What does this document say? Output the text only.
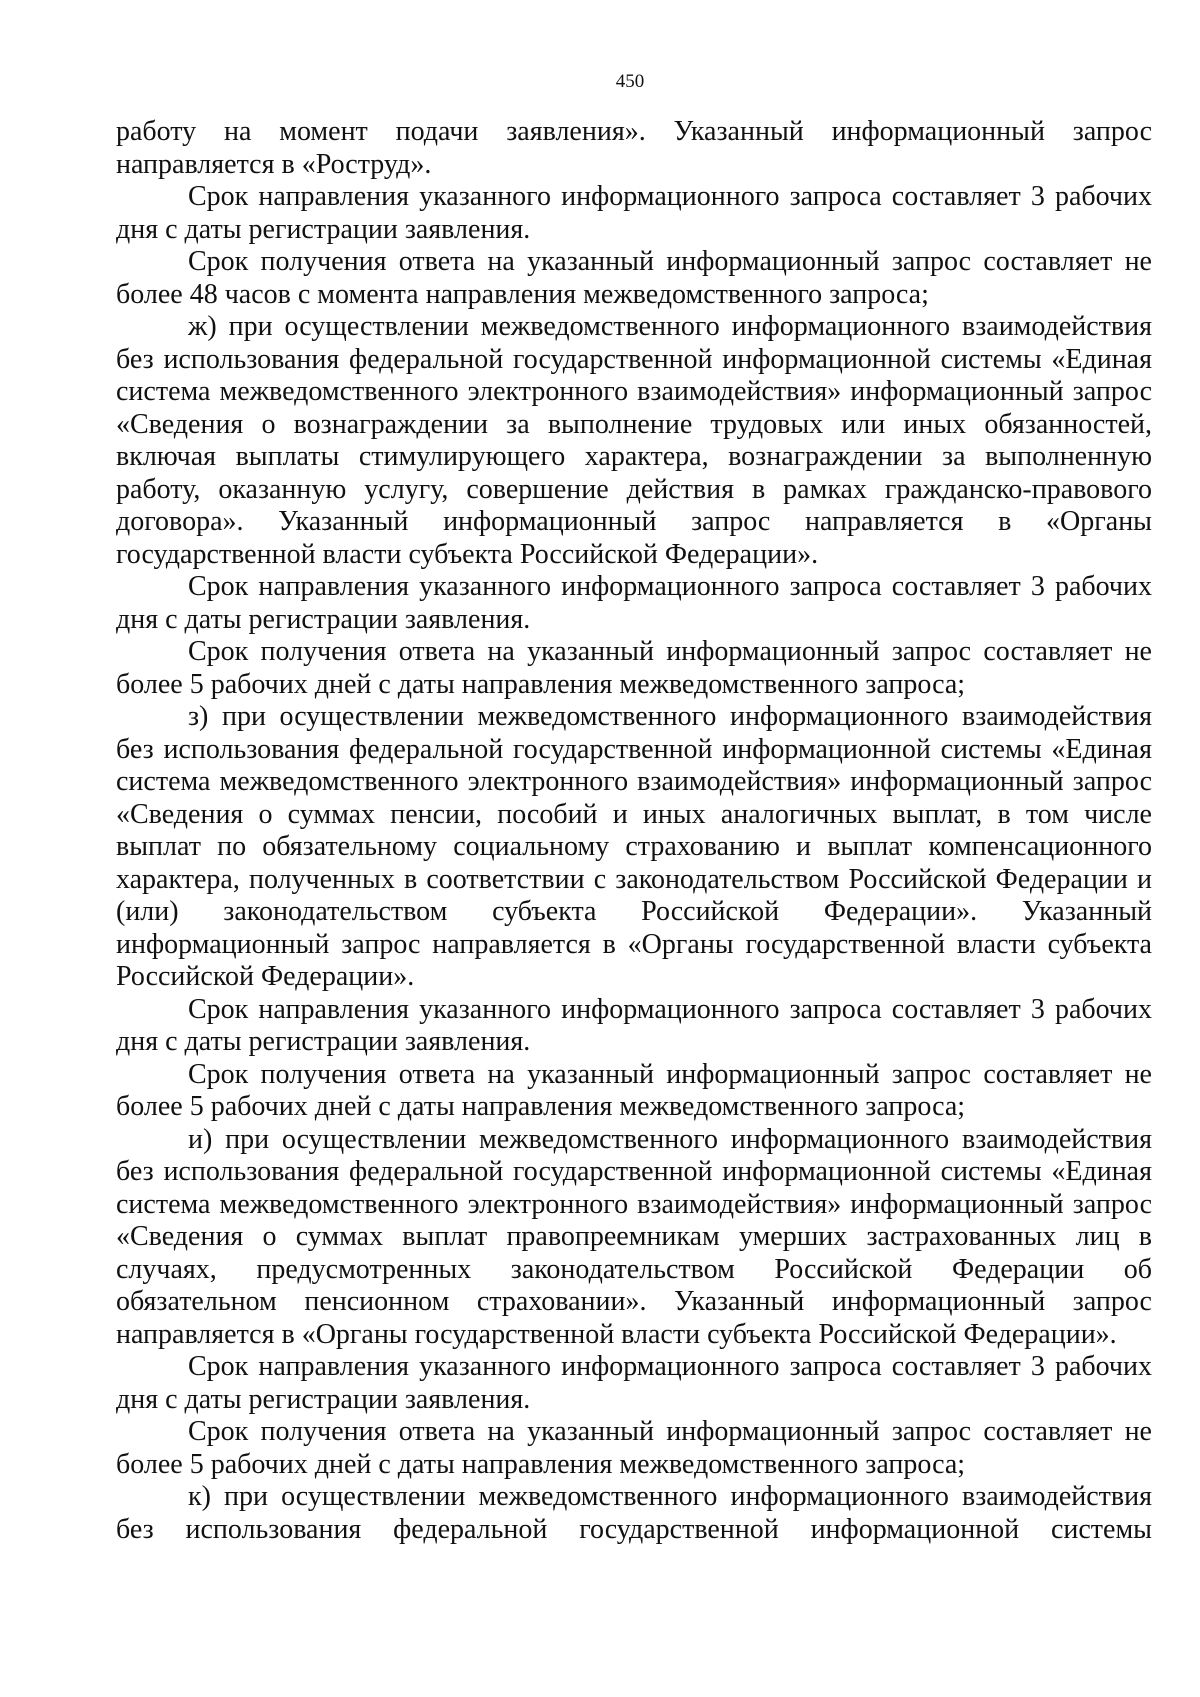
450

работу на момент подачи заявления». Указанный информационный запрос направляется в «Роструд».

Срок направления указанного информационного запроса составляет 3 рабочих дня с даты регистрации заявления.

Срок получения ответа на указанный информационный запрос составляет не более 48 часов с момента направления межведомственного запроса;

ж) при осуществлении межведомственного информационного взаимодействия без использования федеральной государственной информационной системы «Единая система межведомственного электронного взаимодействия» информационный запрос «Сведения о вознаграждении за выполнение трудовых или иных обязанностей, включая выплаты стимулирующего характера, вознаграждении за выполненную работу, оказанную услугу, совершение действия в рамках гражданско-правового договора». Указанный информационный запрос направляется в «Органы государственной власти субъекта Российской Федерации».

Срок направления указанного информационного запроса составляет 3 рабочих дня с даты регистрации заявления.

Срок получения ответа на указанный информационный запрос составляет не более 5 рабочих дней с даты направления межведомственного запроса;

з) при осуществлении межведомственного информационного взаимодействия без использования федеральной государственной информационной системы «Единая система межведомственного электронного взаимодействия» информационный запрос «Сведения о суммах пенсии, пособий и иных аналогичных выплат, в том числе выплат по обязательному социальному страхованию и выплат компенсационного характера, полученных в соответствии с законодательством Российской Федерации и (или) законодательством субъекта Российской Федерации». Указанный информационный запрос направляется в «Органы государственной власти субъекта Российской Федерации».

Срок направления указанного информационного запроса составляет 3 рабочих дня с даты регистрации заявления.

Срок получения ответа на указанный информационный запрос составляет не более 5 рабочих дней с даты направления межведомственного запроса;

и) при осуществлении межведомственного информационного взаимодействия без использования федеральной государственной информационной системы «Единая система межведомственного электронного взаимодействия» информационный запрос «Сведения о суммах выплат правопреемникам умерших застрахованных лиц в случаях, предусмотренных законодательством Российской Федерации об обязательном пенсионном страховании». Указанный информационный запрос направляется в «Органы государственной власти субъекта Российской Федерации».

Срок направления указанного информационного запроса составляет 3 рабочих дня с даты регистрации заявления.

Срок получения ответа на указанный информационный запрос составляет не более 5 рабочих дней с даты направления межведомственного запроса;

к) при осуществлении межведомственного информационного взаимодействия без использования федеральной государственной информационной системы
